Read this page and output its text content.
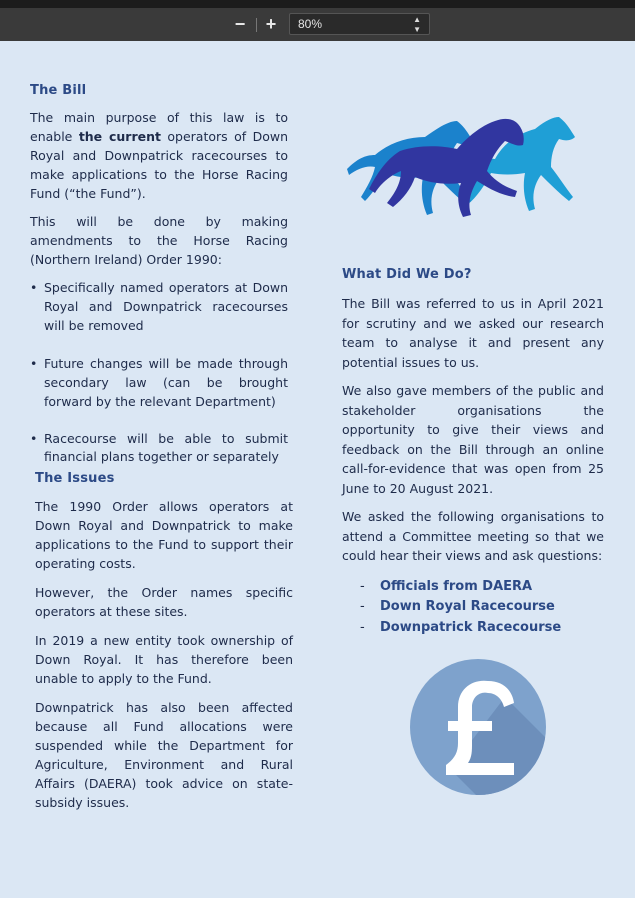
− +	80%	▲
▼
The Bill

The main purpose of this law is to enable the current operators of Down Royal and Downpatrick racecourses to make applications to the Horse Racing Fund (“the Fund”).

This will be done by making amendments to the Horse Racing (Northern Ireland) Order 1990:

• Specifically named operators at Down Royal and Downpatrick racecourses will be removed
• Future changes will be made through secondary law (can be brought forward by the relevant Department)
• Racecourse will be able to submit financial plans together or separately
The Issues

The 1990 Order allows operators at Down Royal and Downpatrick to make applications to the Fund to support their operating costs.

However, the Order names specific operators at these sites.

In 2019 a new entity took ownership of Down Royal. It has therefore been unable to apply to the Fund.

Downpatrick has also been affected because all Fund allocations were suspended while the Department for Agriculture, Environment and Rural Affairs (DAERA) took advice on state-subsidy issues.

What Did We Do?

The Bill was referred to us in April 2021 for scrutiny and we asked our research team to analyse it and present any potential issues to us.

We also gave members of the public and stakeholder organisations the opportunity to give their views and feedback on the Bill through an online call-for-evidence that was open from 25 June to 20 August 2021.

We asked the following organisations to attend a Committee meeting so that we could hear their views and ask questions:

- Officials from DAERA
- Down Royal Racecourse
- Downpatrick Racecourse
